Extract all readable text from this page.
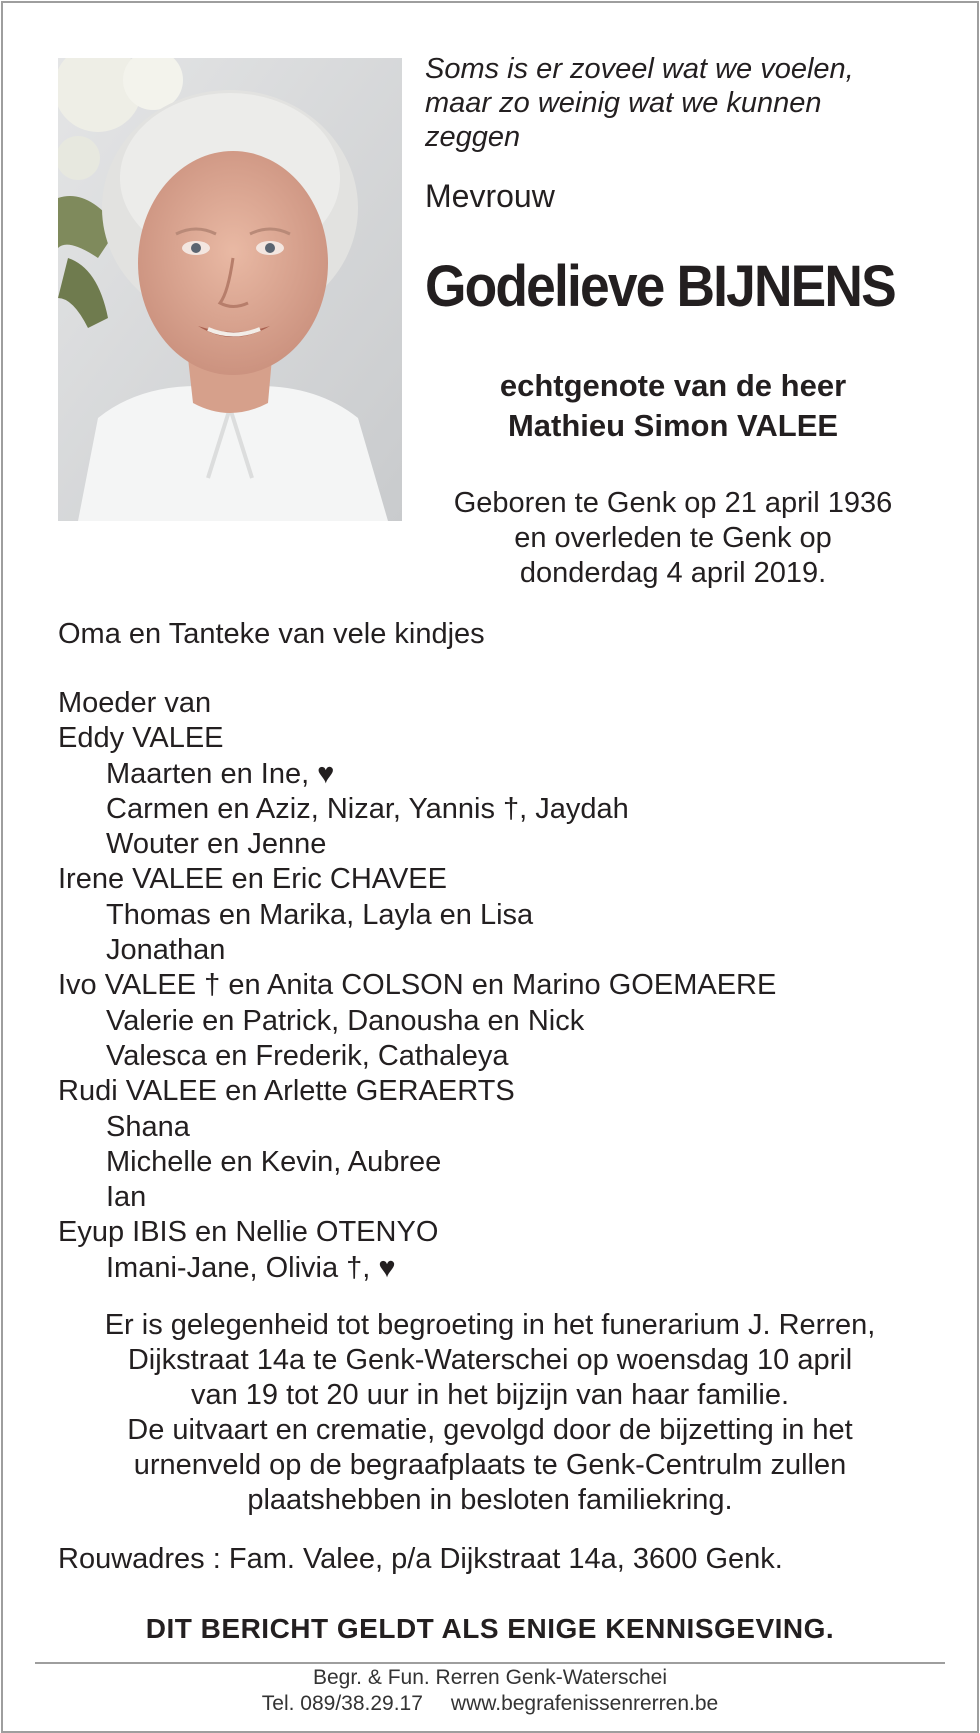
Soms is er zoveel wat we voelen,
maar zo weinig wat we kunnen
zeggen
Mevrouw
Godelieve BIJNENS
echtgenote van de heer
Mathieu Simon VALEE
Geboren te Genk op 21 april 1936
en overleden te Genk op
donderdag 4 april 2019.
Oma en Tanteke van vele kindjes
Moeder van
Eddy VALEE
Maarten en Ine, ♥
Carmen en Aziz, Nizar, Yannis †, Jaydah
Wouter en Jenne
Irene VALEE en Eric CHAVEE
Thomas en Marika, Layla en Lisa
Jonathan
Ivo VALEE † en Anita COLSON en Marino GOEMAERE
Valerie en Patrick, Danousha en Nick
Valesca en Frederik, Cathaleya
Rudi VALEE en Arlette GERAERTS
Shana
Michelle en Kevin, Aubree
Ian
Eyup IBIS en Nellie OTENYO
Imani-Jane, Olivia †, ♥
Er is gelegenheid tot begroeting in het funerarium J. Rerren,
Dijkstraat 14a te Genk-Waterschei op woensdag 10 april
van 19 tot 20 uur in het bijzijn van haar familie.
De uitvaart en crematie, gevolgd door de bijzetting in het
urnenveld op de begraafplaats te Genk-Centrulm zullen
plaatshebben in besloten familiekring.
Rouwadres : Fam. Valee, p/a Dijkstraat 14a, 3600 Genk.
DIT BERICHT GELDT ALS ENIGE KENNISGEVING.
Begr. & Fun. Rerren Genk-Waterschei
Tel. 089/38.29.17 www.begrafenissenrerren.be
